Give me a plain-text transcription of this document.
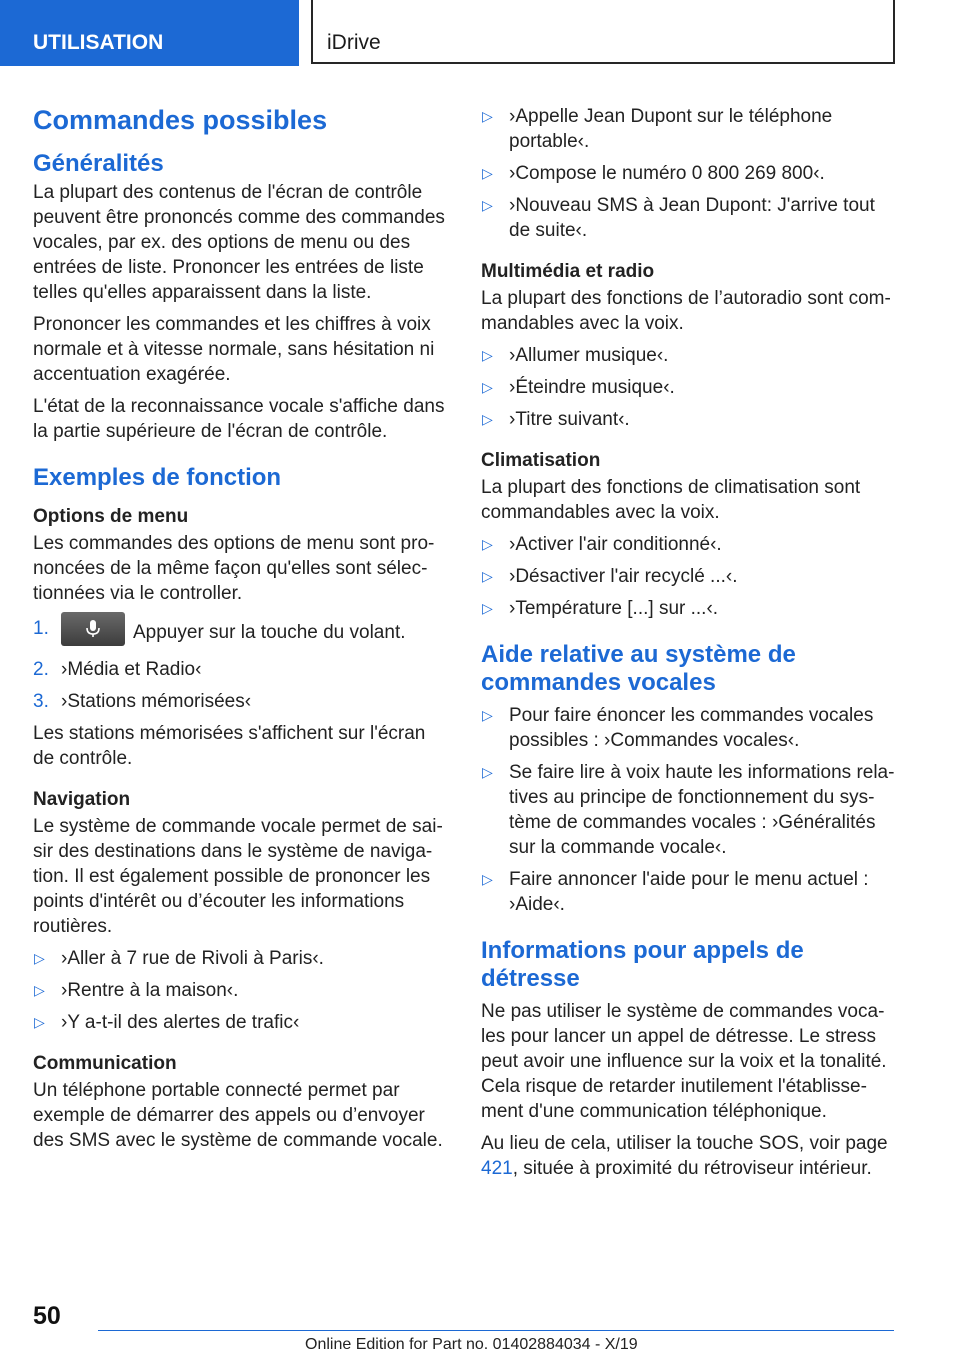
UTILISATION	iDrive
Commandes possibles
Généralités

La plupart des contenus de l'écran de contrôle peuvent être prononcés comme des commandes vocales, par ex. des options de menu ou des entrées de liste. Prononcer les entrées de liste telles qu'elles apparaissent dans la liste.

Prononcer les commandes et les chiffres à voix normale et à vitesse normale, sans hésitation ni accentuation exagérée.

L'état de la reconnaissance vocale s'affiche dans la partie supérieure de l'écran de contrôle.

Exemples de fonction
Options de menu

Les commandes des options de menu sont prononcées de la même façon qu'elles sont sélectionnées via le controller.

1.	Appuyer sur la touche du volant.
2. ›Média et Radio‹
3. ›Stations mémorisées‹

Les stations mémorisées s'affichent sur l'écran de contrôle.

Navigation

Le système de commande vocale permet de saisir des destinations dans le système de navigation. Il est également possible de prononcer les points d'intérêt ou d’écouter les informations routières.

▷ ›Aller à 7 rue de Rivoli à Paris‹.
▷ ›Rentre à la maison‹.
▷ ›Y a-t-il des alertes de trafic‹
Communication

Un téléphone portable connecté permet par exemple de démarrer des appels ou d’envoyer des SMS avec le système de commande vocale.

▷ ›Appelle Jean Dupont sur le téléphone portable‹.
▷ ›Compose le numéro 0 800 269 800‹.
▷ ›Nouveau SMS à Jean Dupont: J'arrive tout de suite‹.
Multimédia et radio

La plupart des fonctions de l’autoradio sont commandables avec la voix.

▷ ›Allumer musique‹.
▷ ›Éteindre musique‹.
▷ ›Titre suivant‹.
Climatisation

La plupart des fonctions de climatisation sont commandables avec la voix.

▷ ›Activer l'air conditionné‹.
▷ ›Désactiver l'air recyclé ...‹.
▷ ›Température [...] sur ...‹.
Aide relative au système de commandes vocales
▷ Pour faire énoncer les commandes vocales possibles : ›Commandes vocales‹.
▷ Se faire lire à voix haute les informations relatives au principe de fonctionnement du système de commandes vocales : ›Généralités sur la commande vocale‹.
▷ Faire annoncer l'aide pour le menu actuel : ›Aide‹.
Informations pour appels de détresse

Ne pas utiliser le système de commandes vocales pour lancer un appel de détresse. Le stress peut avoir une influence sur la voix et la tonalité. Cela risque de retarder inutilement l'établissement d'une communication téléphonique.

Au lieu de cela, utiliser la touche SOS, voir page 421, située à proximité du rétroviseur intérieur.

50
Online Edition for Part no. 01402884034 - X/19
